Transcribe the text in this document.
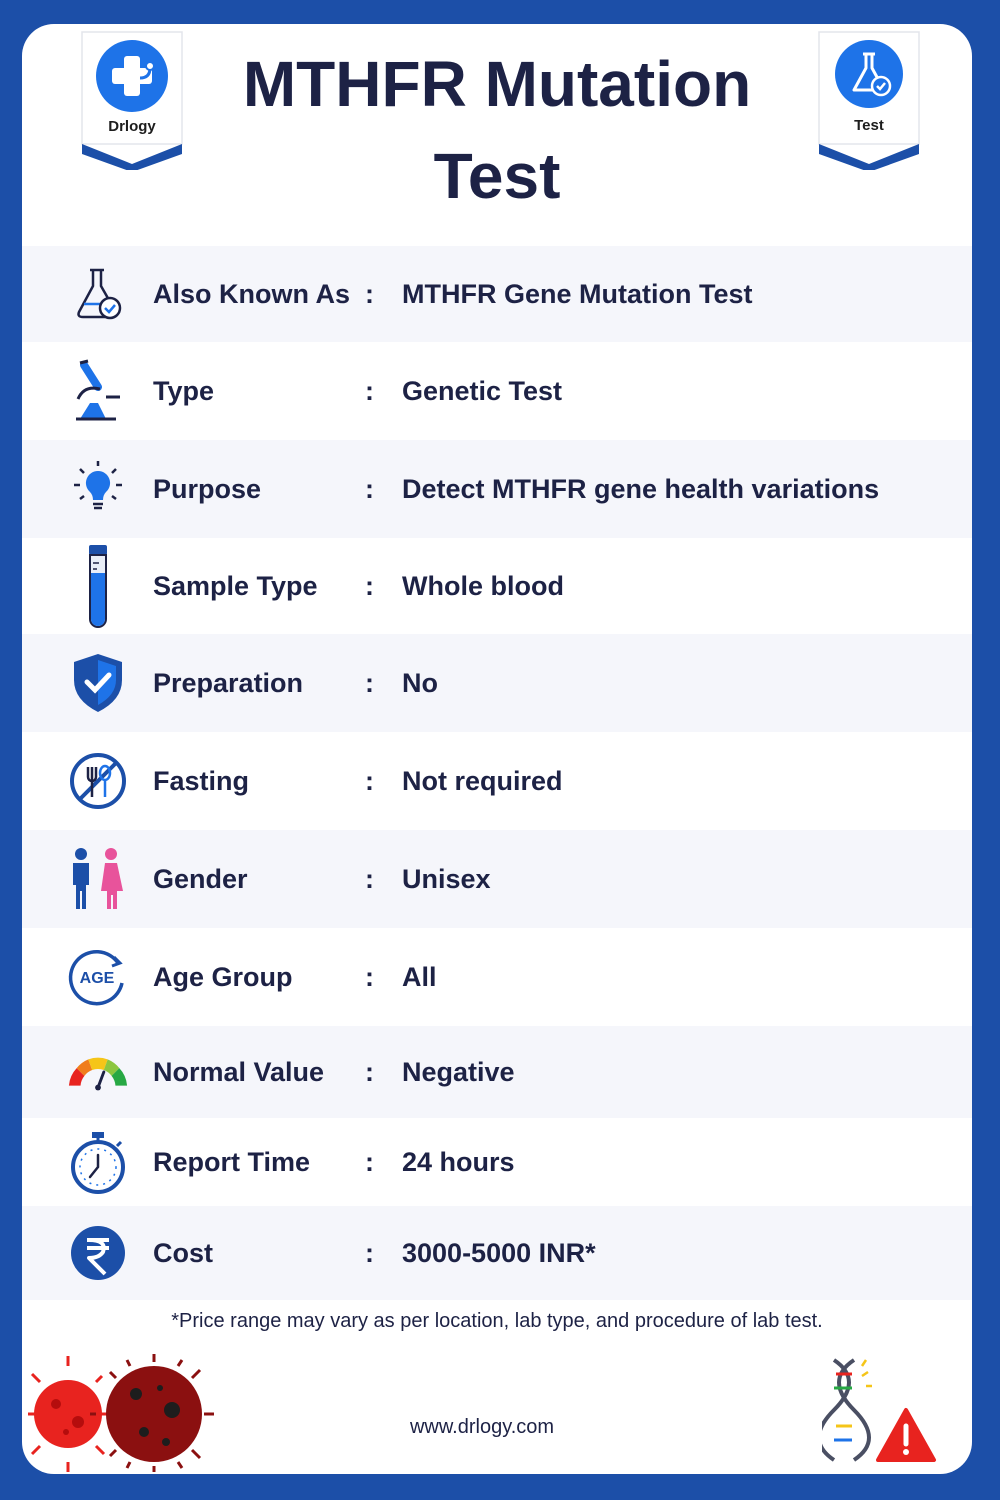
Drlogy
MTHFR Mutation
Test
Test
Also Known As : MTHFR Gene Mutation Test
Type	: Genetic Test
Purpose	: Detect MTHFR gene health variations
Sample Type : Whole blood
Preparation : No
Fasting	: Not required
Gender	: Unisex
AGE Age Group	: All
Normal Value : Negative
Report Time : 24 hours
Cost	: 3000-5000 INR*
*Price range may vary as per location, lab type, and procedure of lab test.
www.drlogy.com
